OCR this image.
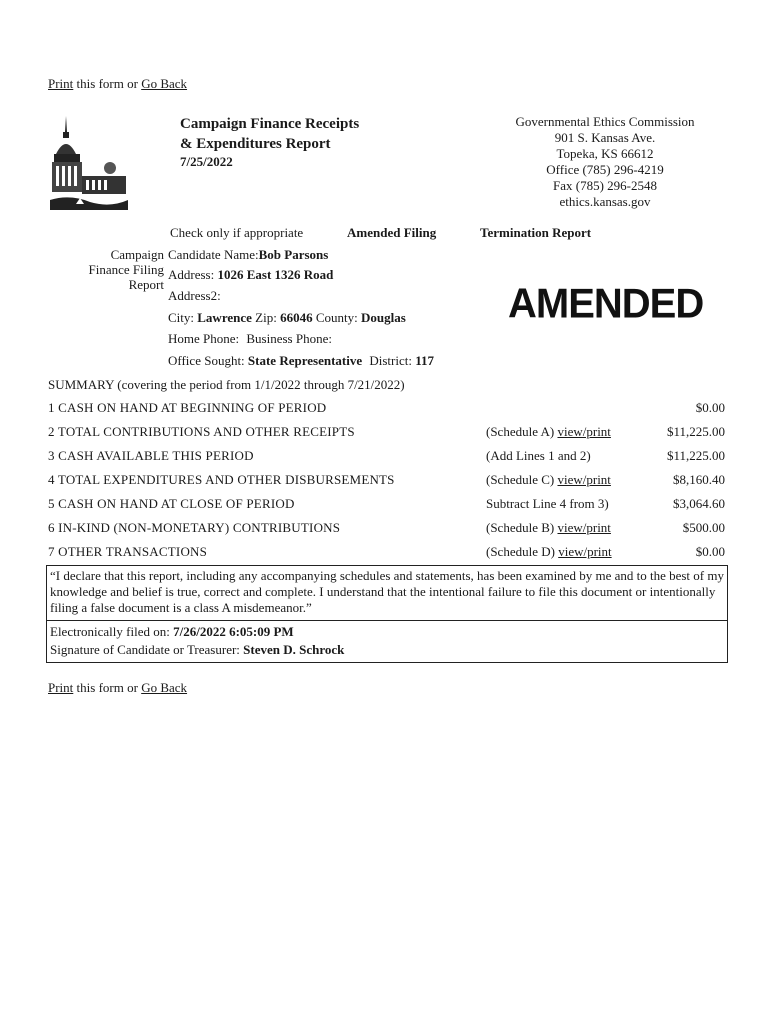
Print this form or Go Back
Campaign Finance Receipts
& Expenditures Report
7/25/2022
Governmental Ethics Commission
901 S. Kansas Ave.
Topeka, KS 66612
Office (785) 296-4219
Fax (785) 296-2548
ethics.kansas.gov
Check only if appropriate	Amended Filing	Termination Report
Campaign Finance Filing Report
Candidate Name:Bob Parsons
Address: 1026 East 1326 Road
Address2:
City: Lawrence Zip: 66046 County: Douglas
Home Phone: Business Phone:
Office Sought: State Representative District: 117
AMENDED
SUMMARY (covering the period from 1/1/2022 through 7/21/2022)
1 CASH ON HAND AT BEGINNING OF PERIOD	$0.00
2 TOTAL CONTRIBUTIONS AND OTHER RECEIPTS	(Schedule A) view/print	$11,225.00
3 CASH AVAILABLE THIS PERIOD	(Add Lines 1 and 2)	$11,225.00
4 TOTAL EXPENDITURES AND OTHER DISBURSEMENTS	(Schedule C) view/print	$8,160.40
5 CASH ON HAND AT CLOSE OF PERIOD	Subtract Line 4 from 3)	$3,064.60
6 IN-KIND (NON-MONETARY) CONTRIBUTIONS	(Schedule B) view/print	$500.00
7 OTHER TRANSACTIONS	(Schedule D) view/print	$0.00
“I declare that this report, including any accompanying schedules and statements, has been examined by me and to the best of my knowledge and belief is true, correct and complete. I understand that the intentional failure to file this document or intentionally filing a false document is a class A misdemeanor.”
Electronically filed on: 7/26/2022 6:05:09 PM
Signature of Candidate or Treasurer: Steven D. Schrock
Print this form or Go Back
